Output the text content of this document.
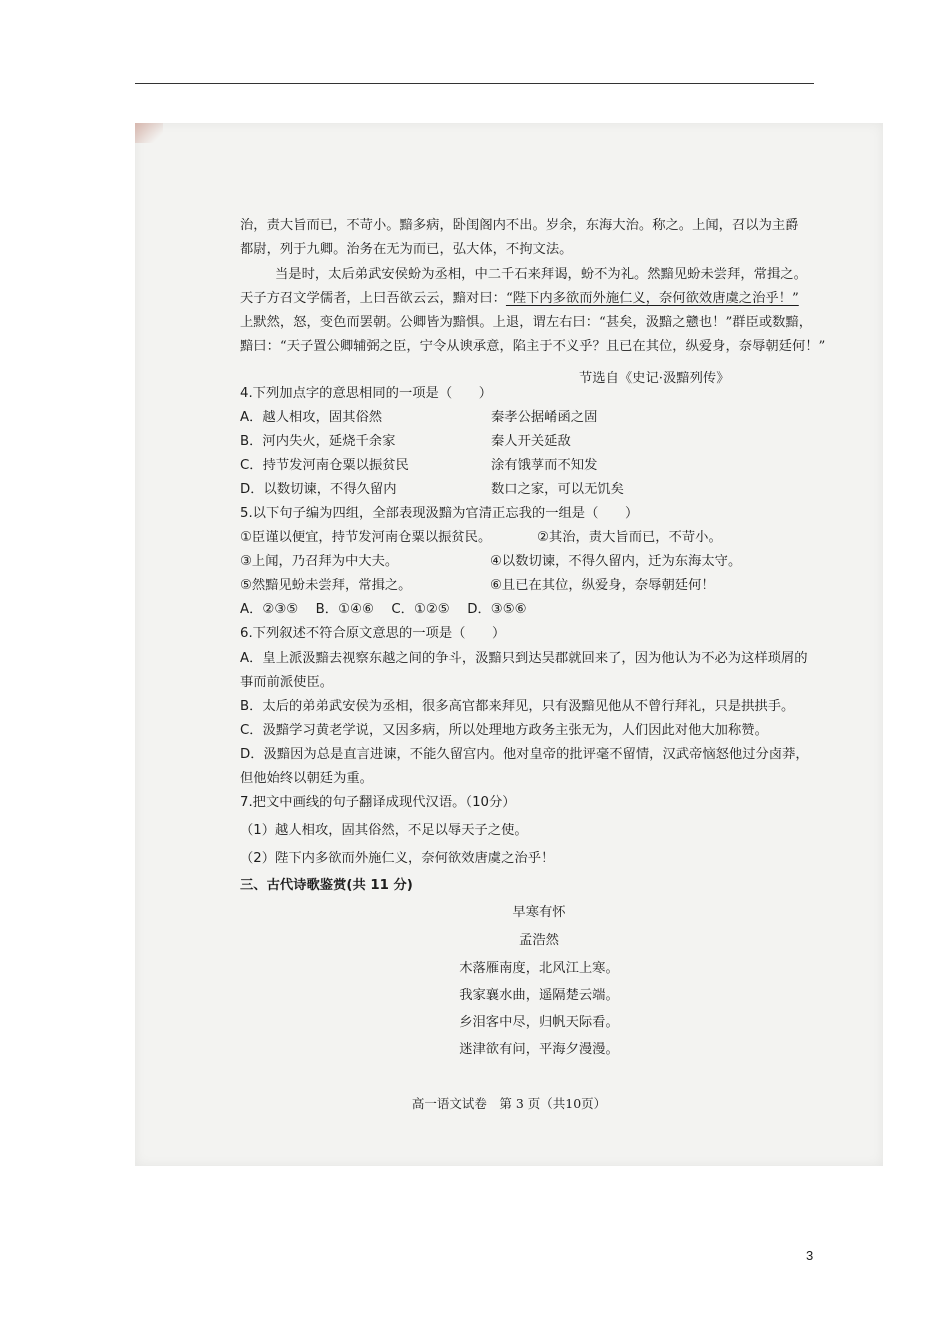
治，责大旨而已，不苛小。黯多病，卧闺阁内不出。岁余，东海大治。称之。上闻，召以为主爵
都尉，列于九卿。治务在无为而已，弘大体，不拘文法。
当是时，太后弟武安侯蚡为丞相，中二千石来拜谒，蚡不为礼。然黯见蚡未尝拜，常揖之。
天子方召文学儒者，上曰吾欲云云，黯对曰：“陛下内多欲而外施仁义，奈何欲效唐虞之治乎！”
上默然，怒，变色而罢朝。公卿皆为黯惧。上退，谓左右曰：“甚矣，汲黯之戆也！”群臣或数黯，
黯曰：“天子置公卿辅弼之臣，宁令从谀承意，陷主于不义乎？且已在其位，纵爱身，奈辱朝廷何！”
节选自《史记·汲黯列传》
4.下列加点字的意思相同的一项是（　　）
A．越人相攻，固其俗然	秦孝公据崤函之固
B．河内失火，延烧千余家	秦人开关延敌
C．持节发河南仓粟以振贫民	涂有饿莩而不知发
D．以数切谏，不得久留内	数口之家，可以无饥矣
5.以下句子编为四组，全部表现汲黯为官清正忘我的一组是（　　）
①臣谨以便宜，持节发河南仓粟以振贫民。	②其治，责大旨而已，不苛小。
③上闻，乃召拜为中大夫。	④以数切谏，不得久留内，迁为东海太守。
⑤然黯见蚡未尝拜，常揖之。	⑥且已在其位，纵爱身，奈辱朝廷何！
A．②③⑤　 B．①④⑥　 C．①②⑤　 D．③⑤⑥
6.下列叙述不符合原文意思的一项是（　　）
A．皇上派汲黯去视察东越之间的争斗，汲黯只到达吴郡就回来了，因为他认为不必为这样琐屑的
事而前派使臣。
B．太后的弟弟武安侯为丞相，很多高官都来拜见，只有汲黯见他从不曾行拜礼，只是拱拱手。
C．汲黯学习黄老学说，又因多病，所以处理地方政务主张无为，人们因此对他大加称赞。
D．汲黯因为总是直言进谏，不能久留宫内。他对皇帝的批评毫不留情，汉武帝恼怒他过分卤莽，
但他始终以朝廷为重。
7.把文中画线的句子翻译成现代汉语。（10分）
（1）越人相攻，固其俗然，不足以辱天子之使。
（2）陛下内多欲而外施仁义，奈何欲效唐虞之治乎！
三、古代诗歌鉴赏(共 11 分)
早寒有怀
孟浩然
木落雁南度，北风江上寒。
我家襄水曲，遥隔楚云端。
乡泪客中尽，归帆天际看。
迷津欲有问，平海夕漫漫。
高一语文试卷　第 3 页（共10页）
3
